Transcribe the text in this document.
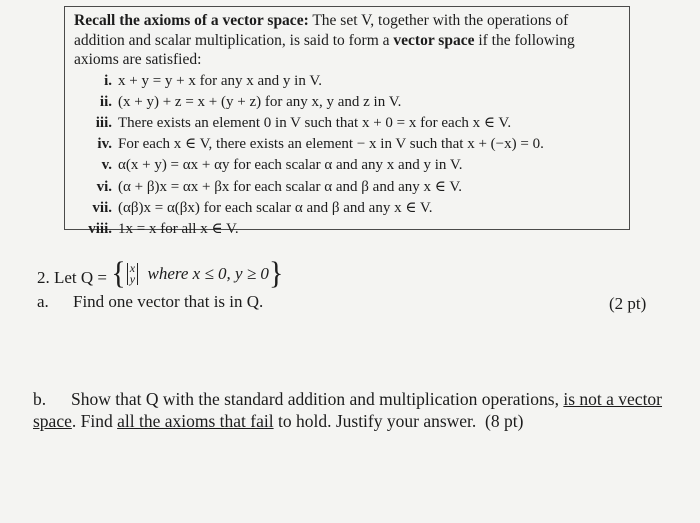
Recall the axioms of a vector space: The set V, together with the operations of addition and scalar multiplication, is said to form a vector space if the following axioms are satisfied:
i. x + y = y + x for any x and y in V.
ii. (x + y) + z = x + (y + z) for any x, y and z in V.
iii. There exists an element 0 in V such that x + 0 = x for each x ∈ V.
iv. For each x ∈ V, there exists an element − x in V such that x + (−x) = 0.
v. α(x + y) = αx + αy for each scalar α and any x and y in V.
vi. (α + β)x = αx + βx for each scalar α and β and any x ∈ V.
vii. (αβ)x = α(βx) for each scalar α and β and any x ∈ V.
viii. 1x = x for all x ∈ V.
2. Let Q = { x
y
where x ≤ 0, y ≥ 0 }
a. Find one vector that is in Q.	(2 pt)
b. Show that Q with the standard addition and multiplication operations, is not a vector space. Find all the axioms that fail to hold. Justify your answer. (8 pt)
